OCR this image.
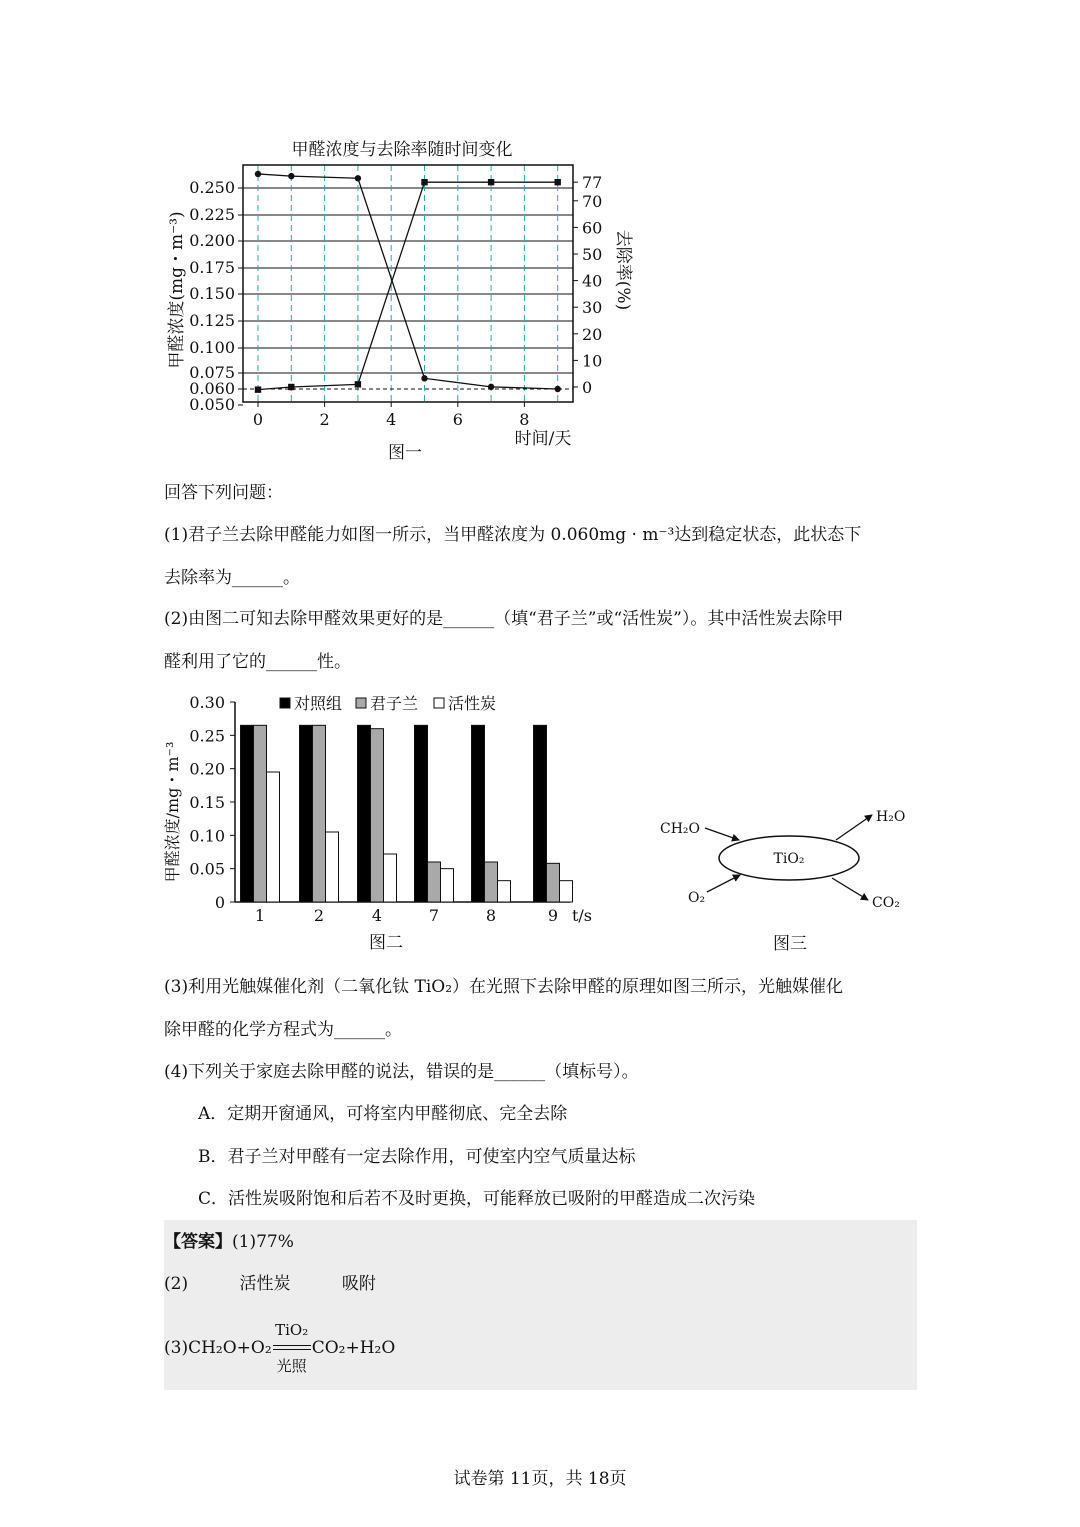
甲醛浓度与去除率随时间变化
0.050
0.060
0.075
0.100
0.125
0.150
0.175
0.200
0.225
0.250
0
10
20
30
40
50
60
70
77
0	2	4	6	8
甲醛浓度(mg・m⁻³)	去除率(%)
时间/天
图一
回答下列问题：
(1)君子兰去除甲醛能力如图一所示，当甲醛浓度为 0.060mg · m⁻³达到稳定状态，此状态下
去除率为______。
(2)由图二可知去除甲醛效果更好的是______（填“君子兰”或“活性炭”）。其中活性炭去除甲
醛利用了它的______性。
对照组 君子兰 活性炭
0
0.05
0.10
0.15
0.20
0.25
0.30
1	2	4	7	8	9 t/s
甲醛浓度/mg・m⁻³
图二
TiO₂
CH₂O
O₂
H₂O
CO₂
图三
(3)利用光触媒催化剂（二氧化钛 TiO₂）在光照下去除甲醛的原理如图三所示，光触媒催化
除甲醛的化学方程式为______。
(4)下列关于家庭去除甲醛的说法，错误的是______（填标号）。
A．定期开窗通风，可将室内甲醛彻底、完全去除
B．君子兰对甲醛有一定去除作用，可使室内空气质量达标
C．活性炭吸附饱和后若不及时更换，可能释放已吸附的甲醛造成二次污染
【答案】(1)77%
(2)	活性炭	吸附
(3)CH₂O+O₂
TiO₂
光照
CO₂+H₂O
试卷第 11页，共 18页
